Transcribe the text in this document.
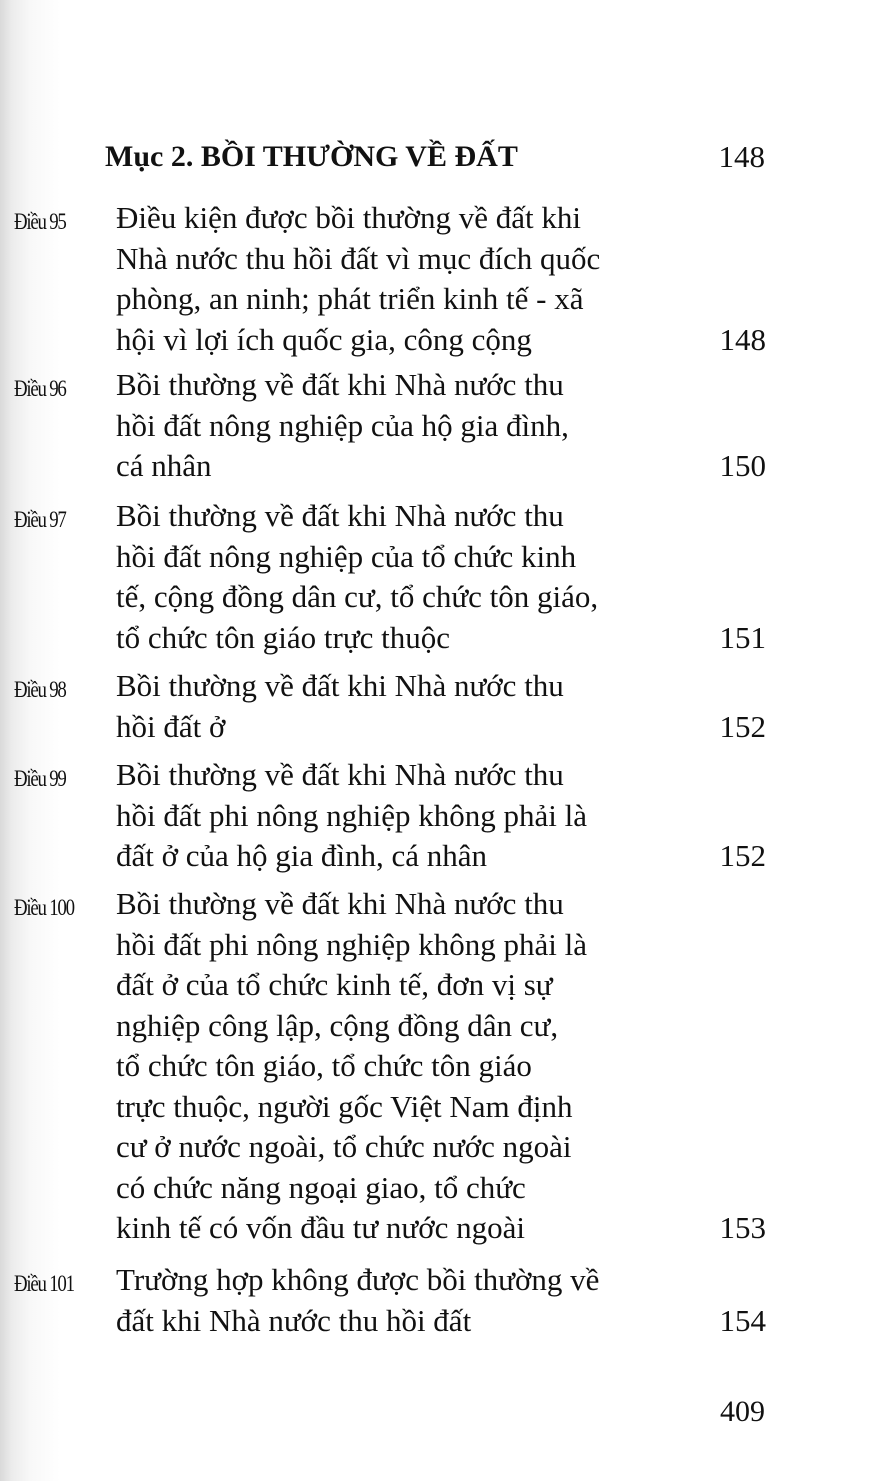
Mục 2. BỒI THƯỜNG VỀ ĐẤT	148
Điều 95 Điều kiện được bồi thường về đất khi
Nhà nước thu hồi đất vì mục đích quốc
phòng, an ninh; phát triển kinh tế - xã
hội vì lợi ích quốc gia, công cộng	148
Điều 96 Bồi thường về đất khi Nhà nước thu
hồi đất nông nghiệp của hộ gia đình,
cá nhân	150
Điều 97 Bồi thường về đất khi Nhà nước thu
hồi đất nông nghiệp của tổ chức kinh
tế, cộng đồng dân cư, tổ chức tôn giáo,
tổ chức tôn giáo trực thuộc	151
Điều 98 Bồi thường về đất khi Nhà nước thu
hồi đất ở	152
Điều 99 Bồi thường về đất khi Nhà nước thu
hồi đất phi nông nghiệp không phải là
đất ở của hộ gia đình, cá nhân	152
Điều 100 Bồi thường về đất khi Nhà nước thu
hồi đất phi nông nghiệp không phải là
đất ở của tổ chức kinh tế, đơn vị sự
nghiệp công lập, cộng đồng dân cư,
tổ chức tôn giáo, tổ chức tôn giáo
trực thuộc, người gốc Việt Nam định
cư ở nước ngoài, tổ chức nước ngoài
có chức năng ngoại giao, tổ chức
kinh tế có vốn đầu tư nước ngoài	153
Điều 101 Trường hợp không được bồi thường về
đất khi Nhà nước thu hồi đất	154
409
